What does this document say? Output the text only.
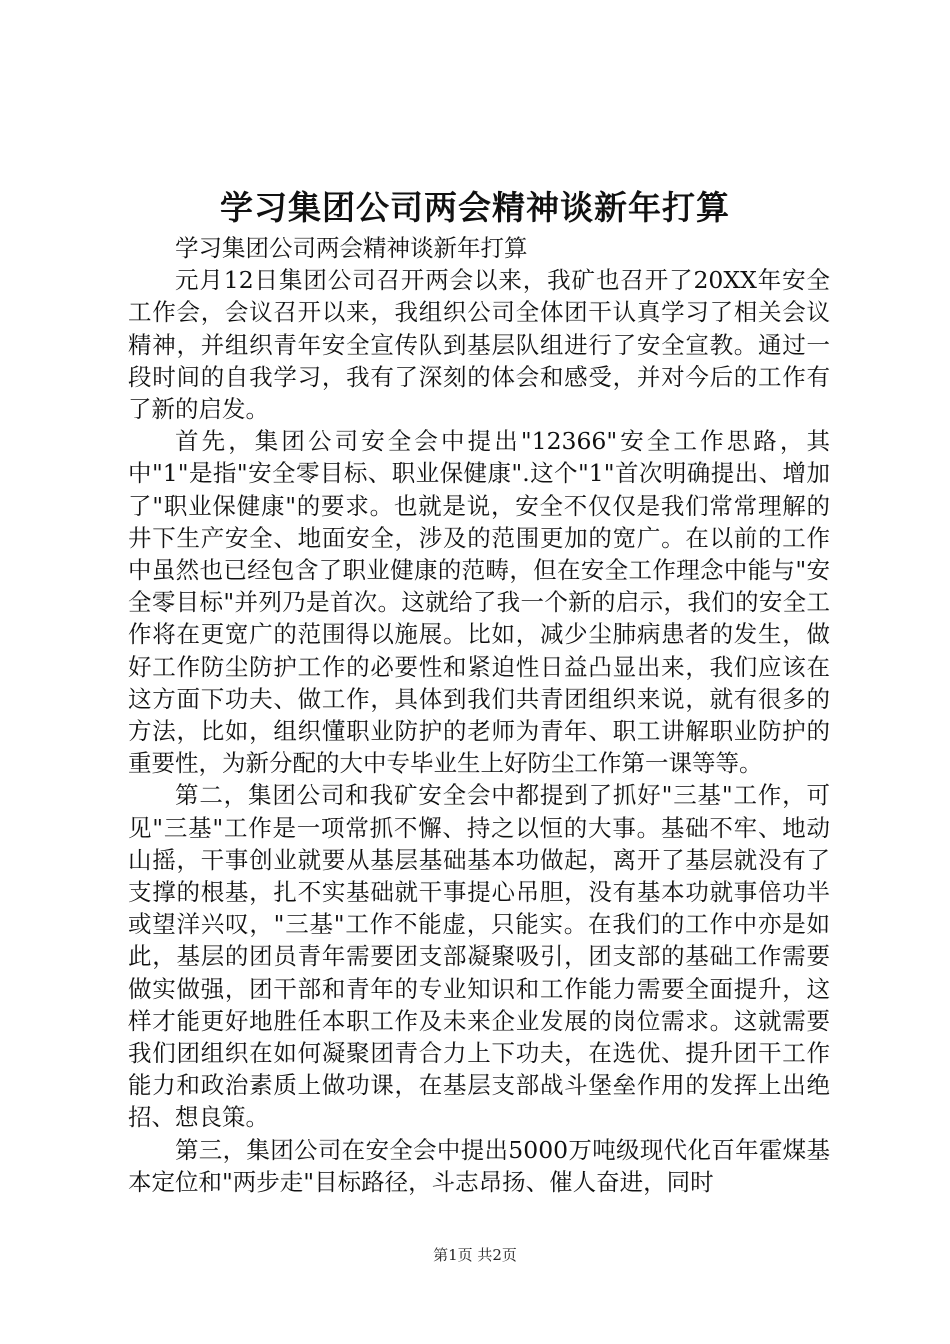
学习集团公司两会精神谈新年打算

学习集团公司两会精神谈新年打算

元月12日集团公司召开两会以来，我矿也召开了20XX年安全工作会，会议召开以来，我组织公司全体团干认真学习了相关会议精神，并组织青年安全宣传队到基层队组进行了安全宣教。通过一段时间的自我学习，我有了深刻的体会和感受，并对今后的工作有了新的启发。

首先，集团公司安全会中提出"12366"安全工作思路，其中"1"是指"安全零目标、职业保健康".这个"1"首次明确提出、增加了"职业保健康"的要求。也就是说，安全不仅仅是我们常常理解的井下生产安全、地面安全，涉及的范围更加的宽广。在以前的工作中虽然也已经包含了职业健康的范畴，但在安全工作理念中能与"安全零目标"并列乃是首次。这就给了我一个新的启示，我们的安全工作将在更宽广的范围得以施展。比如，减少尘肺病患者的发生，做好工作防尘防护工作的必要性和紧迫性日益凸显出来，我们应该在这方面下功夫、做工作，具体到我们共青团组织来说，就有很多的方法，比如，组织懂职业防护的老师为青年、职工讲解职业防护的重要性，为新分配的大中专毕业生上好防尘工作第一课等等。

第二，集团公司和我矿安全会中都提到了抓好"三基"工作，可见"三基"工作是一项常抓不懈、持之以恒的大事。基础不牢、地动山摇，干事创业就要从基层基础基本功做起，离开了基层就没有了支撑的根基，扎不实基础就干事提心吊胆，没有基本功就事倍功半或望洋兴叹，"三基"工作不能虚，只能实。在我们的工作中亦是如此，基层的团员青年需要团支部凝聚吸引，团支部的基础工作需要做实做强，团干部和青年的专业知识和工作能力需要全面提升，这样才能更好地胜任本职工作及未来企业发展的岗位需求。这就需要我们团组织在如何凝聚团青合力上下功夫，在选优、提升团干工作能力和政治素质上做功课，在基层支部战斗堡垒作用的发挥上出绝招、想良策。

第三，集团公司在安全会中提出5000万吨级现代化百年霍煤基本定位和"两步走"目标路径，斗志昂扬、催人奋进，同时

第1页 共2页
